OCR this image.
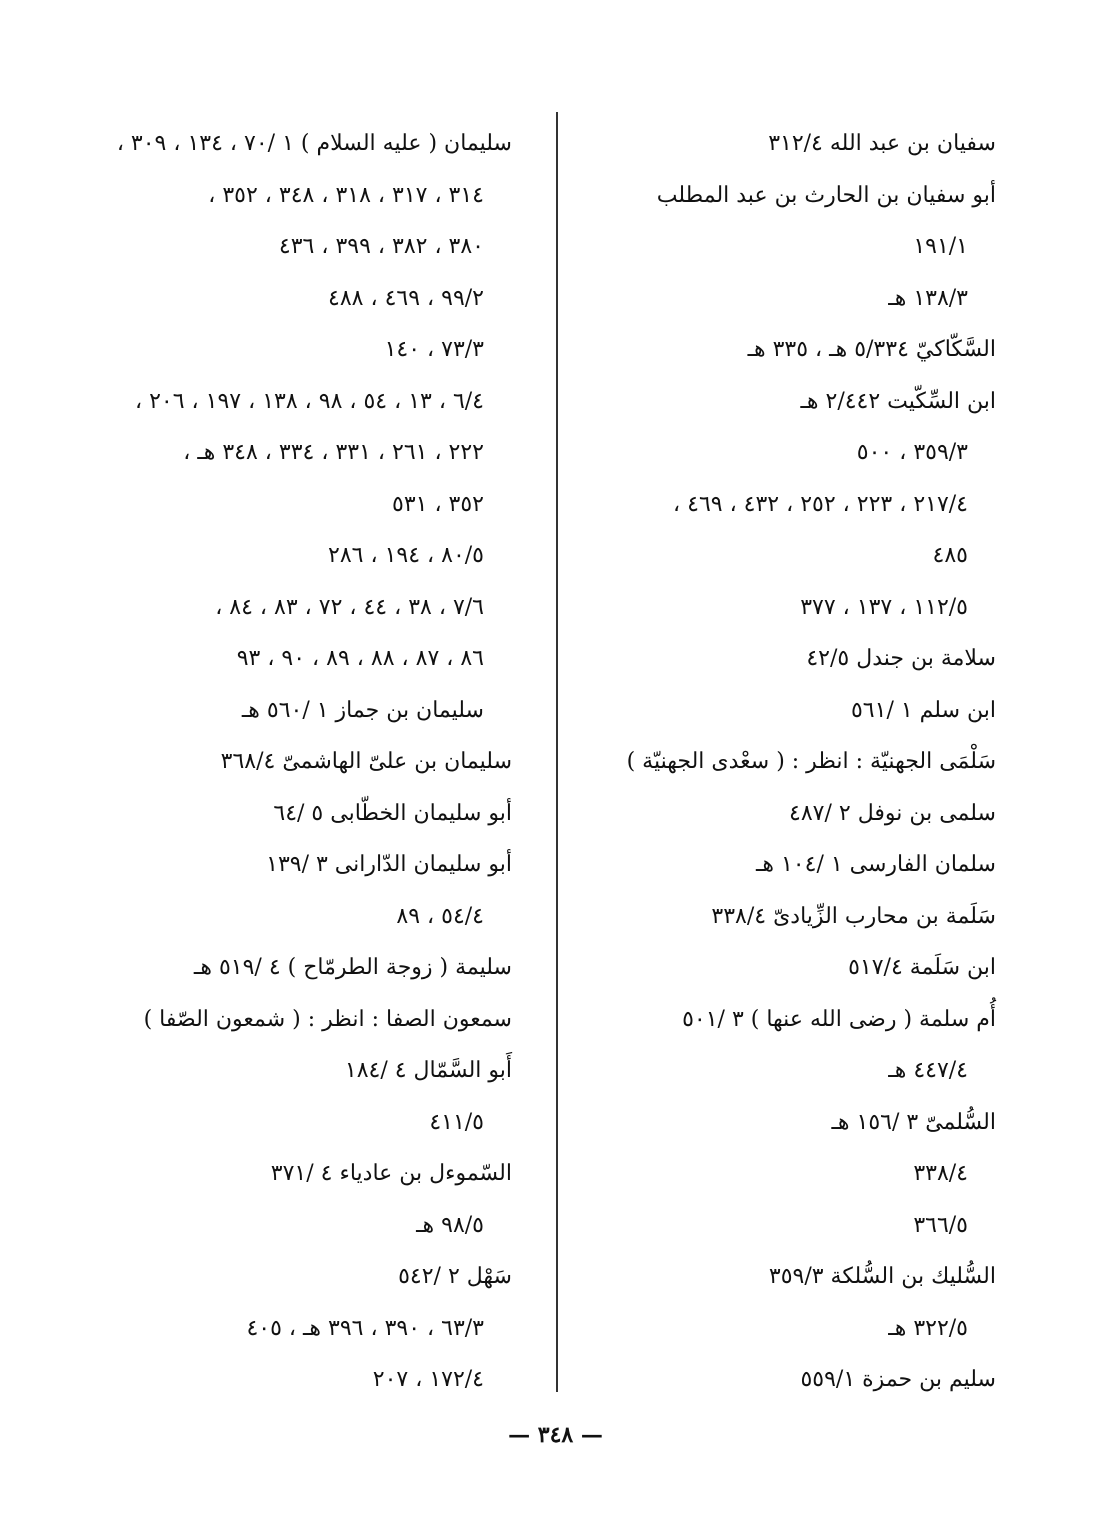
سفيان بن عبد الله ٣١٢/٤
أبو سفيان بن الحارث بن عبد المطلب
١٩١/١
١٣٨/٣ هـ
السَّكّاكيّ ٥/٣٣٤ هـ ، ٣٣٥ هـ
ابن السِّكّيت ٢/٤٤٢ هـ
٣٥٩/٣ ، ٥٠٠
٢١٧/٤ ، ٢٢٣ ، ٢٥٢ ، ٤٣٢ ، ٤٦٩ ،
٤٨٥
١١٢/٥ ، ١٣٧ ، ٣٧٧
سلامة بن جندل ٤٢/٥
ابن سلم ١ /٥٦١
سَلْمَى الجهنيّة : انظر : ( سعْدى الجهنيّة )
سلمى بن نوفل ٢ /٤٨٧
سلمان الفارسى ١ /١٠٤ هـ
سَلَمة بن محارب الزِّيادىّ ٣٣٨/٤
ابن سَلَمة ٥١٧/٤
أُم سلمة ( رضى الله عنها ) ٣ /٥٠١
٤٤٧/٤ هـ
السُّلمىّ ٣ /١٥٦ هـ
٣٣٨/٤
٣٦٦/٥
السُّليك بن السُّلكة ٣٥٩/٣
٣٢٢/٥ هـ
سليم بن حمزة ٥٥٩/١
سليمان ( عليه السلام ) ١ /٧٠ ، ١٣٤ ، ٣٠٩ ،
٣١٤ ، ٣١٧ ، ٣١٨ ، ٣٤٨ ، ٣٥٢ ،
٣٨٠ ، ٣٨٢ ، ٣٩٩ ، ٤٣٦
٩٩/٢ ، ٤٦٩ ، ٤٨٨
٧٣/٣ ، ١٤٠
٦/٤ ، ١٣ ، ٥٤ ، ٩٨ ، ١٣٨ ، ١٩٧ ، ٢٠٦ ،
٢٢٢ ، ٢٦١ ، ٣٣١ ، ٣٣٤ ، ٣٤٨ هـ ،
٣٥٢ ، ٥٣١
٨٠/٥ ، ١٩٤ ، ٢٨٦
٧/٦ ، ٣٨ ، ٤٤ ، ٧٢ ، ٨٣ ، ٨٤ ،
٨٦ ، ٨٧ ، ٨٨ ، ٨٩ ، ٩٠ ، ٩٣
سليمان بن جماز ١ /٥٦٠ هـ
سليمان بن علىّ الهاشمىّ ٣٦٨/٤
أبو سليمان الخطّابى ٥ /٦٤
أبو سليمان الدّارانى ٣ /١٣٩
٥٤/٤ ، ٨٩
سليمة ( زوجة الطرمّاح ) ٤ /٥١٩ هـ
سمعون الصفا : انظر : ( شمعون الصّفا )
أَبو السَّمّال ٤ /١٨٤
٤١١/٥
السّموءل بن عادياء ٤ /٣٧١
٩٨/٥ هـ
سَهْل ٢ /٥٤٢
٦٣/٣ ، ٣٩٠ ، ٣٩٦ هـ ، ٤٠٥
١٧٢/٤ ، ٢٠٧
— ٣٤٨ —
